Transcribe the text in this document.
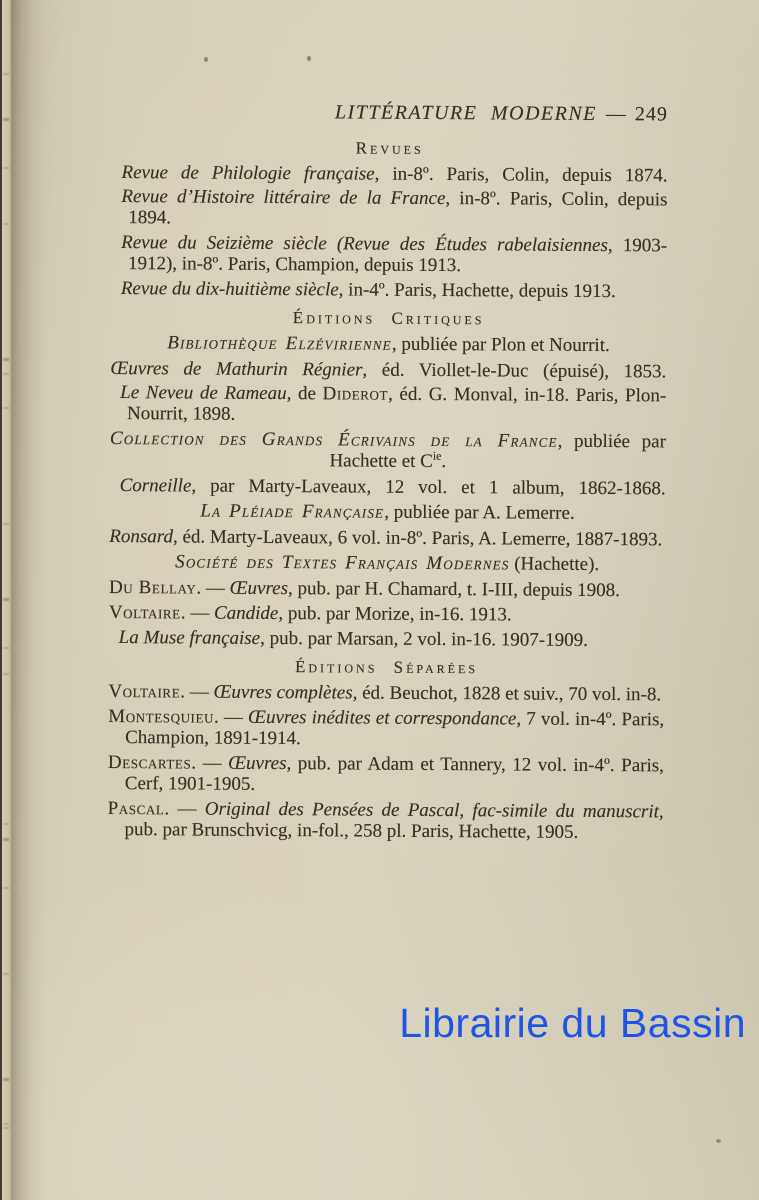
LITTÉRATURE MODERNE — 249
Revues

Revue de Philologie française, in-8º. Paris, Colin, depuis 1874.

Revue d’Histoire littéraire de la France, in-8º. Paris, Colin, depuis 1894.

Revue du Seizième siècle (Revue des Études rabelaisiennes, 1903-1912), in-8º. Paris, Champion, depuis 1913.

Revue du dix-huitième siècle, in-4º. Paris, Hachette, depuis 1913.

Éditions Critiques

Bibliothèque Elzévirienne, publiée par Plon et Nourrit.

Œuvres de Mathurin Régnier, éd. Viollet-le-Duc (épuisé), 1853.

Le Neveu de Rameau, de Diderot, éd. G. Monval, in-18. Paris, Plon-Nourrit, 1898.

Collection des Grands Écrivains de la France, publiée par Hachette et $C^{ie}$.

Corneille, par Marty-Laveaux, 12 vol. et 1 album, 1862-1868.

La Pléiade Française, publiée par A. Lemerre.

Ronsard, éd. Marty-Laveaux, 6 vol. in-8º. Paris, A. Lemerre, 1887-1893.

Société des Textes Français Modernes (Hachette).

Du Bellay. — Œuvres, pub. par H. Chamard, t. I-III, depuis 1908.

Voltaire. — Candide, pub. par Morize, in-16. 1913.

La Muse française, pub. par Marsan, 2 vol. in-16. 1907-1909.

Éditions Séparées

Voltaire. — Œuvres complètes, éd. Beuchot, 1828 et suiv., 70 vol. in-8.

Montesquieu. — Œuvres inédites et correspondance, 7 vol. in-4º. Paris, Champion, 1891-1914.

Descartes. — Œuvres, pub. par Adam et Tannery, 12 vol. in-4º. Paris, Cerf, 1901-1905.

Pascal. — Original des Pensées de Pascal, fac-simile du manuscrit, pub. par Brunschvicg, in-fol., 258 pl. Paris, Hachette, 1905.

Librairie du Bassin
